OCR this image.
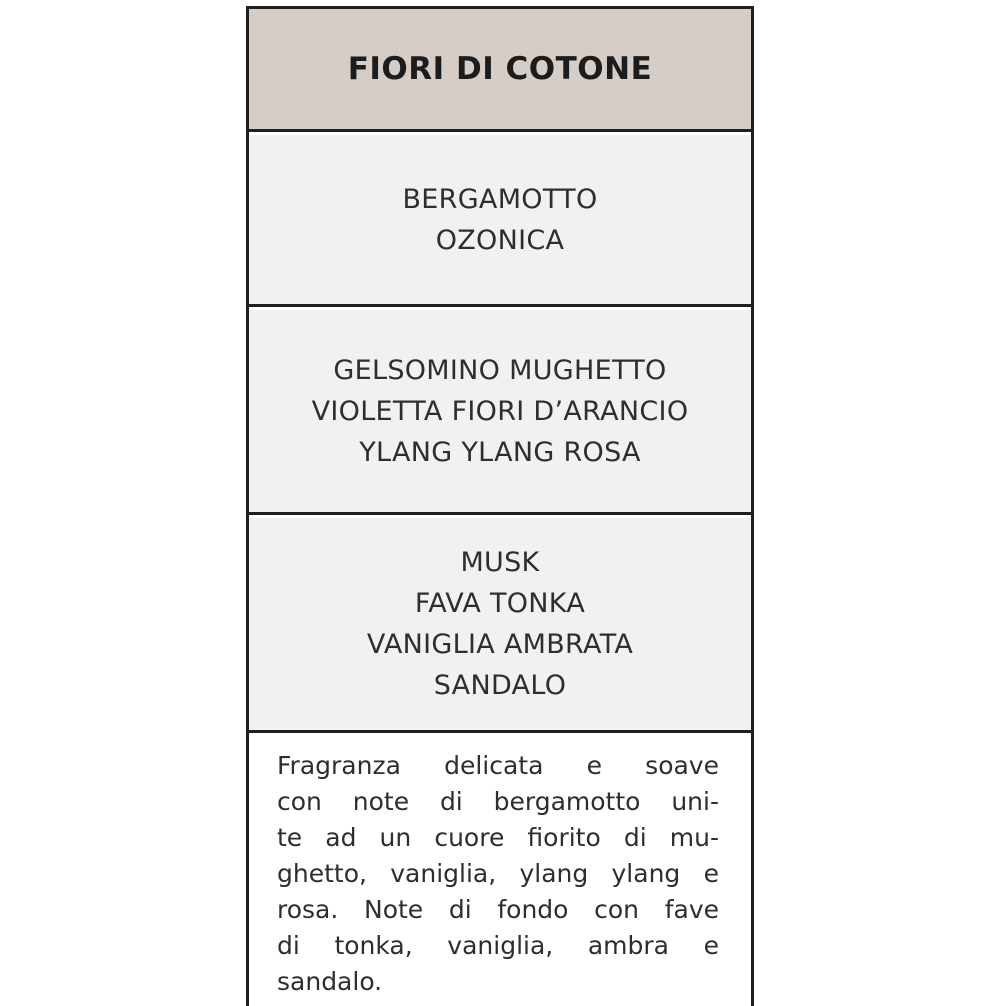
FIORI DI COTONE
BERGAMOTTO
OZONICA
GELSOMINO MUGHETTO
VIOLETTA FIORI D’ARANCIO
YLANG YLANG ROSA
MUSK
FAVA TONKA
VANIGLIA AMBRATA
SANDALO
Fragranza delicata e soave
con note di bergamotto uni-
te ad un cuore fiorito di mu-
ghetto, vaniglia, ylang ylang e
rosa. Note di fondo con fave
di tonka, vaniglia, ambra e
sandalo.
